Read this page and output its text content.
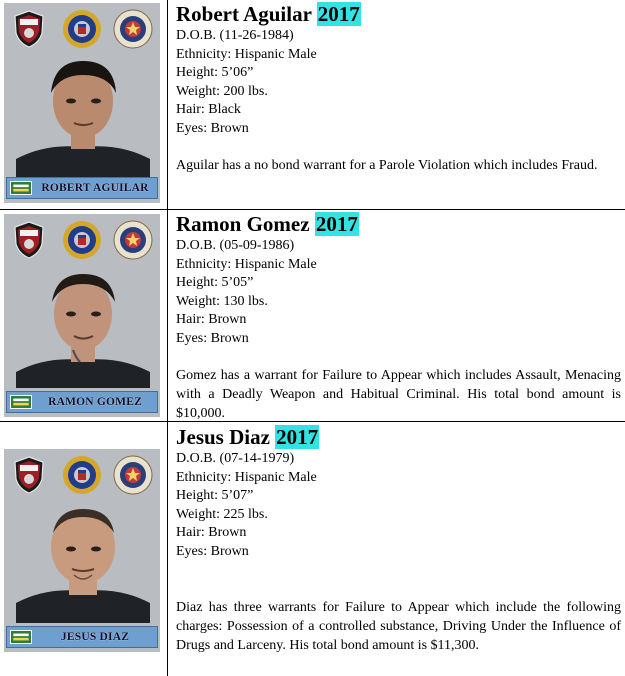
ROBERT AGUILAR
Robert Aguilar 2017
D.O.B. (11-26-1984)
Ethnicity: Hispanic Male
Height: 5’06”
Weight: 200 lbs.
Hair: Black
Eyes: Brown
Aguilar has a no bond warrant for a Parole Violation which includes Fraud.
RAMON GOMEZ
Ramon Gomez 2017
D.O.B. (05-09-1986)
Ethnicity: Hispanic Male
Height: 5’05”
Weight: 130 lbs.
Hair: Brown
Eyes: Brown
Gomez has a warrant for Failure to Appear which includes Assault, Menacing with a Deadly Weapon and Habitual Criminal. His total bond amount is $10,000.
JESUS DIAZ
Jesus Diaz 2017
D.O.B. (07-14-1979)
Ethnicity: Hispanic Male
Height: 5’07”
Weight: 225 lbs.
Hair: Brown
Eyes: Brown
Diaz has three warrants for Failure to Appear which include the following charges: Possession of a controlled substance, Driving Under the Influence of Drugs and Larceny. His total bond amount is $11,300.
